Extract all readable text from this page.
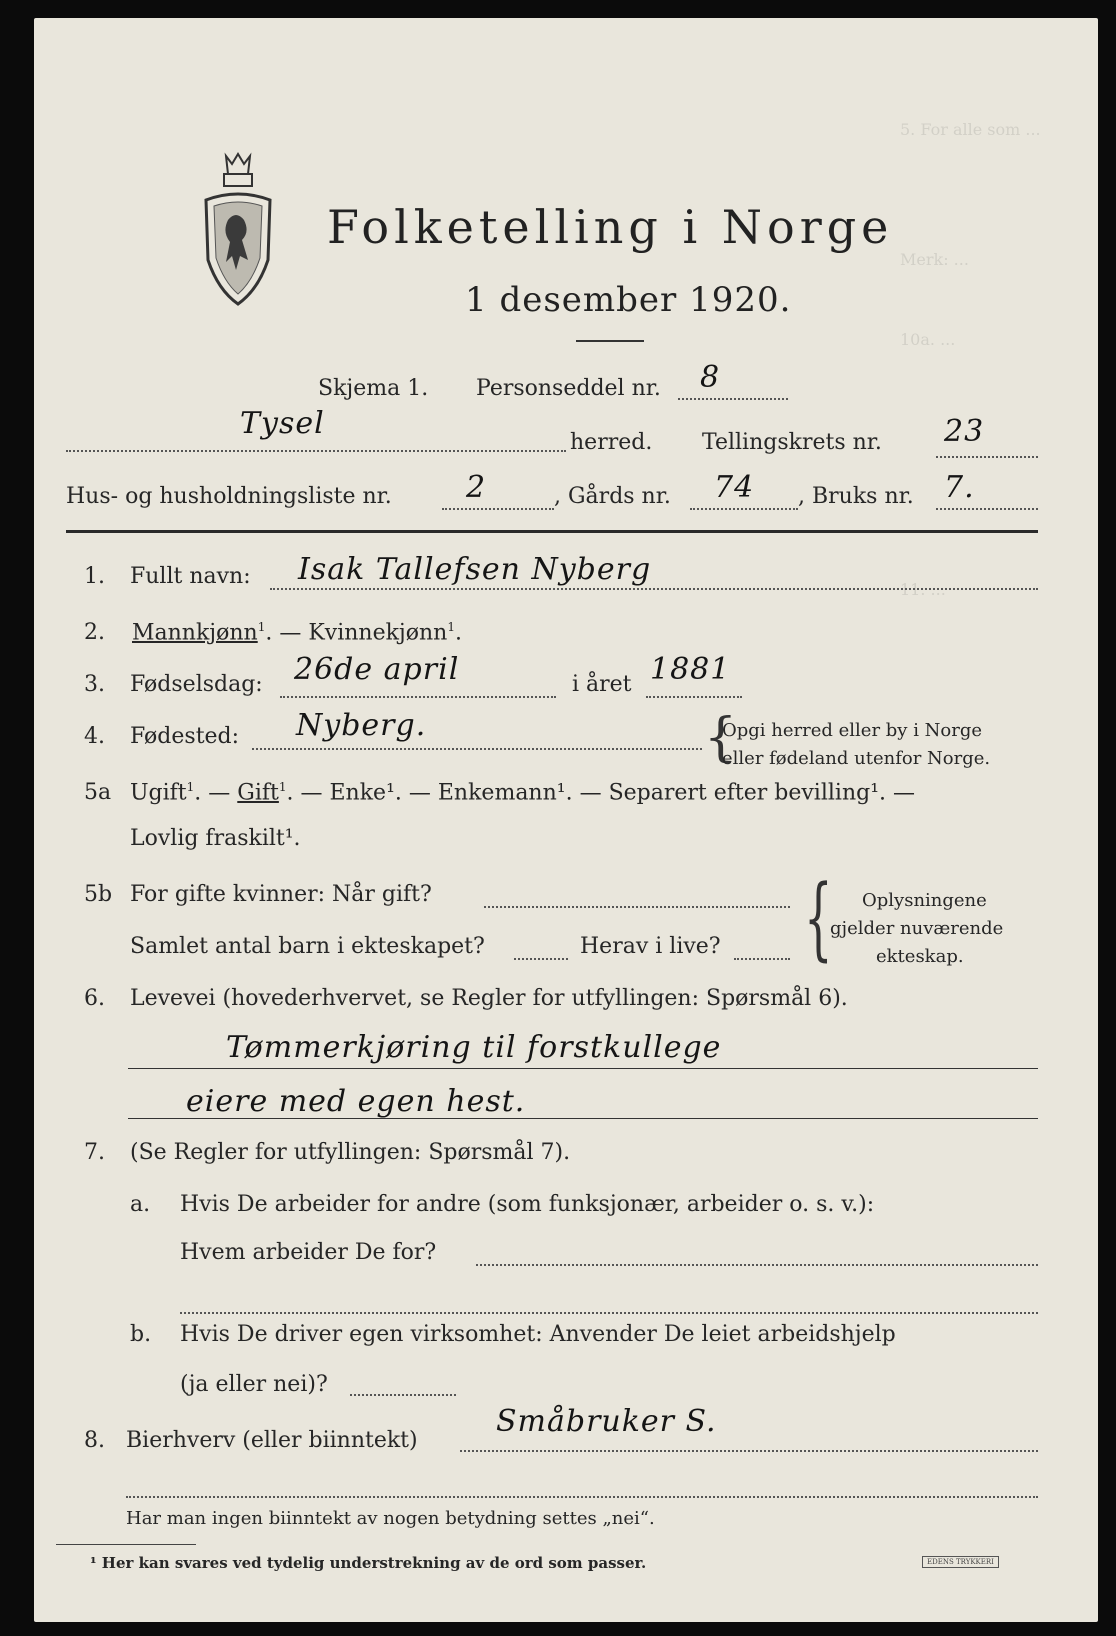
5. For alle som ...
Merk: ...
10a. ...
11. ...
Folketelling i Norge
1 desember 1920.
Skjema 1. Personseddel nr. 8
Tysel
herred. Tellingskrets nr. 23
Hus- og husholdningsliste nr. 2	, Gårds nr. 74 , Bruks nr. 7.
1. Fullt navn: Isak Tallefsen Nyberg
2. Mannkjønn$^1$. — Kvinnekjønn$^1$.
3. Fødselsdag: 26de april	i året 1881
4. Fødested: Nyberg.	{
Opgi herred eller by i Norge
eller fødeland utenfor Norge.
5a Ugift$^1$. — Gift$^1$. — Enke¹. — Enkemann¹. — Separert efter bevilling¹. —
Lovlig fraskilt¹.
5b For gifte kvinner: Når gift?
Samlet antal barn i ekteskapet?	Herav i live? { Oplysningene
gjelder nuværende
ekteskap.
6. Levevei (hovederhvervet, se Regler for utfyllingen: Spørsmål 6).
Tømmerkjøring til forstkullege
eiere med egen hest.
7. (Se Regler for utfyllingen: Spørsmål 7).
a. Hvis De arbeider for andre (som funksjonær, arbeider o. s. v.):
Hvem arbeider De for?
b. Hvis De driver egen virksomhet: Anvender De leiet arbeidshjelp
(ja eller nei)?
8. Bierhverv (eller biinntekt)
Småbruker S.
Har man ingen biinntekt av nogen betydning settes „nei“.
¹ Her kan svares ved tydelig understrekning av de ord som passer.	EDENS TRYKKERI
